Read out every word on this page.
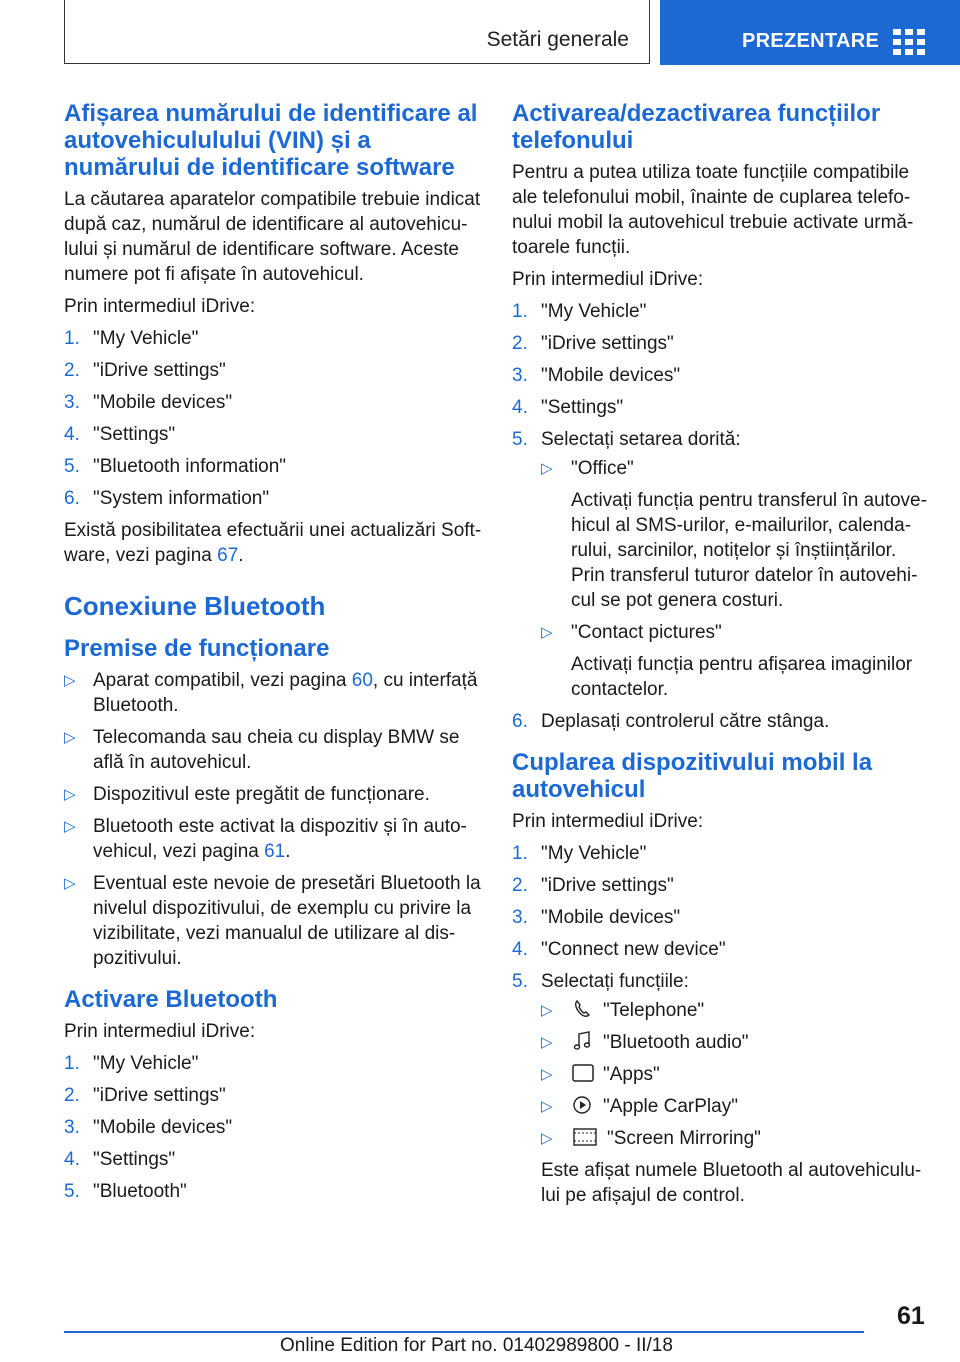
Setări generale	PREZENTARE
Afișarea numărului de identificare al autovehicululului (VIN) și a numărului de identificare software

La căutarea aparatelor compatibile trebuie indicat după caz, numărul de identificare al autovehiculului și numărul de identificare software. Aceste numere pot fi afișate în autovehicul.

Prin intermediul iDrive:

1. "My Vehicle"
2. "iDrive settings"
3. "Mobile devices"
4. "Settings"
5. "Bluetooth information"
6. "System information"

Există posibilitatea efectuării unei actualizări Software, vezi pagina 67.

Conexiune Bluetooth
Premise de funcționare
▷ Aparat compatibil, vezi pagina 60, cu interfață Bluetooth.
▷ Telecomanda sau cheia cu display BMW se află în autovehicul.
▷ Dispozitivul este pregătit de funcționare.
▷ Bluetooth este activat la dispozitiv și în autovehicul, vezi pagina 61.
▷ Eventual este nevoie de presetări Bluetooth la nivelul dispozitivului, de exemplu cu privire la vizibilitate, vezi manualul de utilizare al dispozitivului.
Activare Bluetooth

Prin intermediul iDrive:

1. "My Vehicle"
2. "iDrive settings"
3. "Mobile devices"
4. "Settings"
5. "Bluetooth"
Activarea/dezactivarea funcțiilor telefonului

Pentru a putea utiliza toate funcțiile compatibile ale telefonului mobil, înainte de cuplarea telefonului mobil la autovehicul trebuie activate următoarele funcții.

Prin intermediul iDrive:

1. "My Vehicle"
2. "iDrive settings"
3. "Mobile devices"
4. "Settings"
5. Selectați setarea dorită:
▷ "Office"
Activați funcția pentru transferul în autovehicul al SMS-urilor, e-mailurilor, calendarului, sarcinilor, notițelor și înștiințărilor. Prin transferul tuturor datelor în autovehicul se pot genera costuri.
▷ "Contact pictures"
Activați funcția pentru afișarea imaginilor contactelor.
6. Deplasați controlerul către stânga.
Cuplarea dispozitivului mobil la autovehicul

Prin intermediul iDrive:

1. "My Vehicle"
2. "iDrive settings"
3. "Mobile devices"
4. "Connect new device"
5. Selectați funcțiile:
▷	"Telephone"
▷	"Bluetooth audio"
▷	"Apps"
▷	"Apple CarPlay"
▷	"Screen Mirroring"
Este afișat numele Bluetooth al autovehiculului pe afișajul de control.
61
Online Edition for Part no. 01402989800 - II/18
